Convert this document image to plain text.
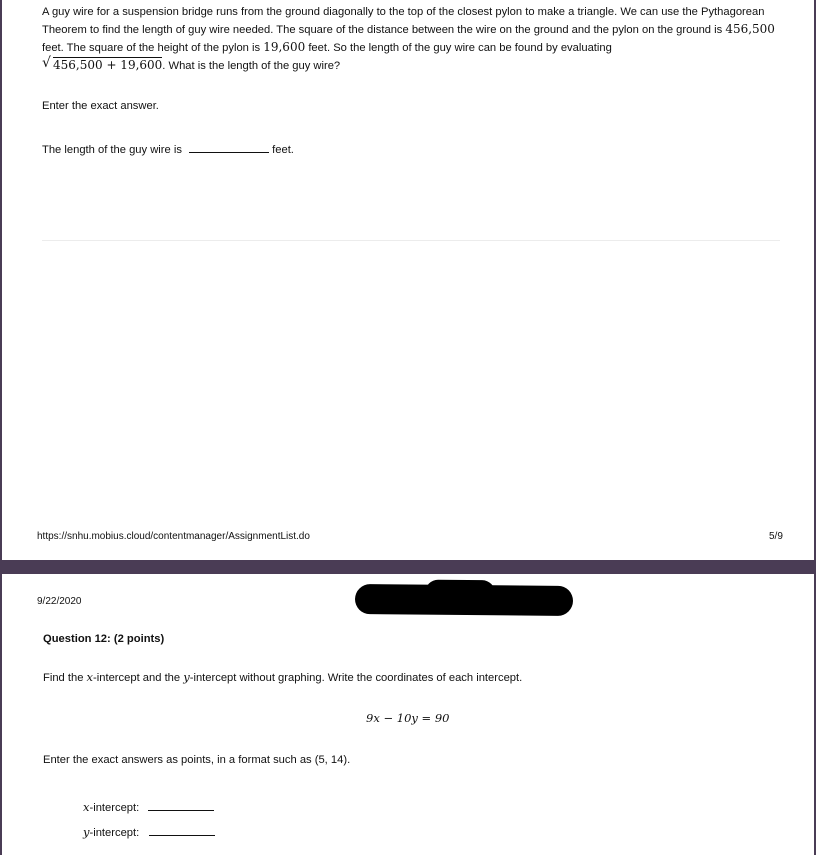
A guy wire for a suspension bridge runs from the ground diagonally to the top of the closest pylon to make a triangle. We can use the Pythagorean Theorem to find the length of guy wire needed. The square of the distance between the wire on the ground and the pylon on the ground is 456,500 feet. The square of the height of the pylon is 19,600 feet. So the length of the guy wire can be found by evaluating

√ 456,500 + 19,600. What is the length of the guy wire?
Enter the exact answer.
The length of the guy wire is	feet.
https://snhu.mobius.cloud/contentmanager/AssignmentList.do	5/9
9/22/2020
Question 12: (2 points)
Find the x-intercept and the y-intercept without graphing. Write the coordinates of each intercept.
9x − 10y = 90
Enter the exact answers as points, in a format such as (5, 14).
x-intercept:
y-intercept:
